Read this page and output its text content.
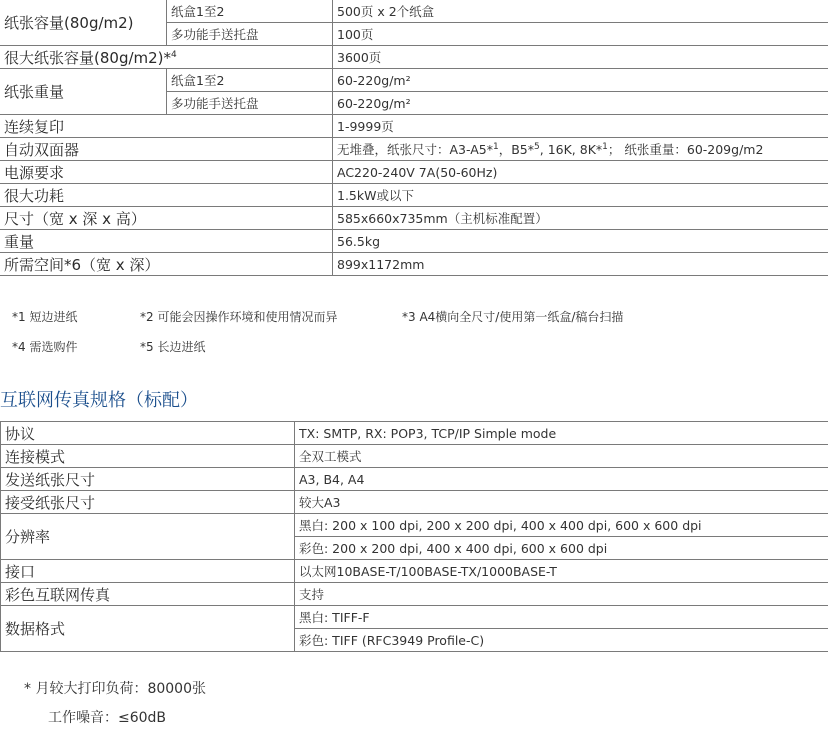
纸张容量(80g/m2)	纸盒1至2	500页 x 2个纸盒
	多功能手送托盘	100页
很大纸张容量(80g/m2)*$^4$		3600页
纸张重量	纸盒1至2	60-220g/m²
	多功能手送托盘	60-220g/m²
连续复印		1-9999页
自动双面器		无堆叠，纸张尺寸：A3-A5*$^1$，B5*$^5$, 16K, 8K*$^1$； 纸张重量：60-209g/m2
电源要求		AC220-240V 7A(50-60Hz)
很大功耗		1.5kW或以下
尺寸（宽 x 深 x 高）		585x660x735mm（主机标准配置）
重量		56.5kg
所需空间*6（宽 x 深）		899x1172mm
*1 短边进纸	*2 可能会因操作环境和使用情况而异	*3 A4横向全尺寸/使用第一纸盒/稿台扫描
*4 需选购件	*5 长边进纸
互联网传真规格（标配）
协议	TX: SMTP, RX: POP3, TCP/IP Simple mode
连接模式	全双工模式
发送纸张尺寸	A3, B4, A4
接受纸张尺寸	较大A3
分辨率	黑白: 200 x 100 dpi, 200 x 200 dpi, 400 x 400 dpi, 600 x 600 dpi
	彩色: 200 x 200 dpi, 400 x 400 dpi, 600 x 600 dpi
接口	以太网10BASE-T/100BASE-TX/1000BASE-T
彩色互联网传真	支持
数据格式	黑白: TIFF-F
	彩色: TIFF (RFC3949 Profile-C)
* 月较大打印负荷：80000张
工作噪音：≤60dB
